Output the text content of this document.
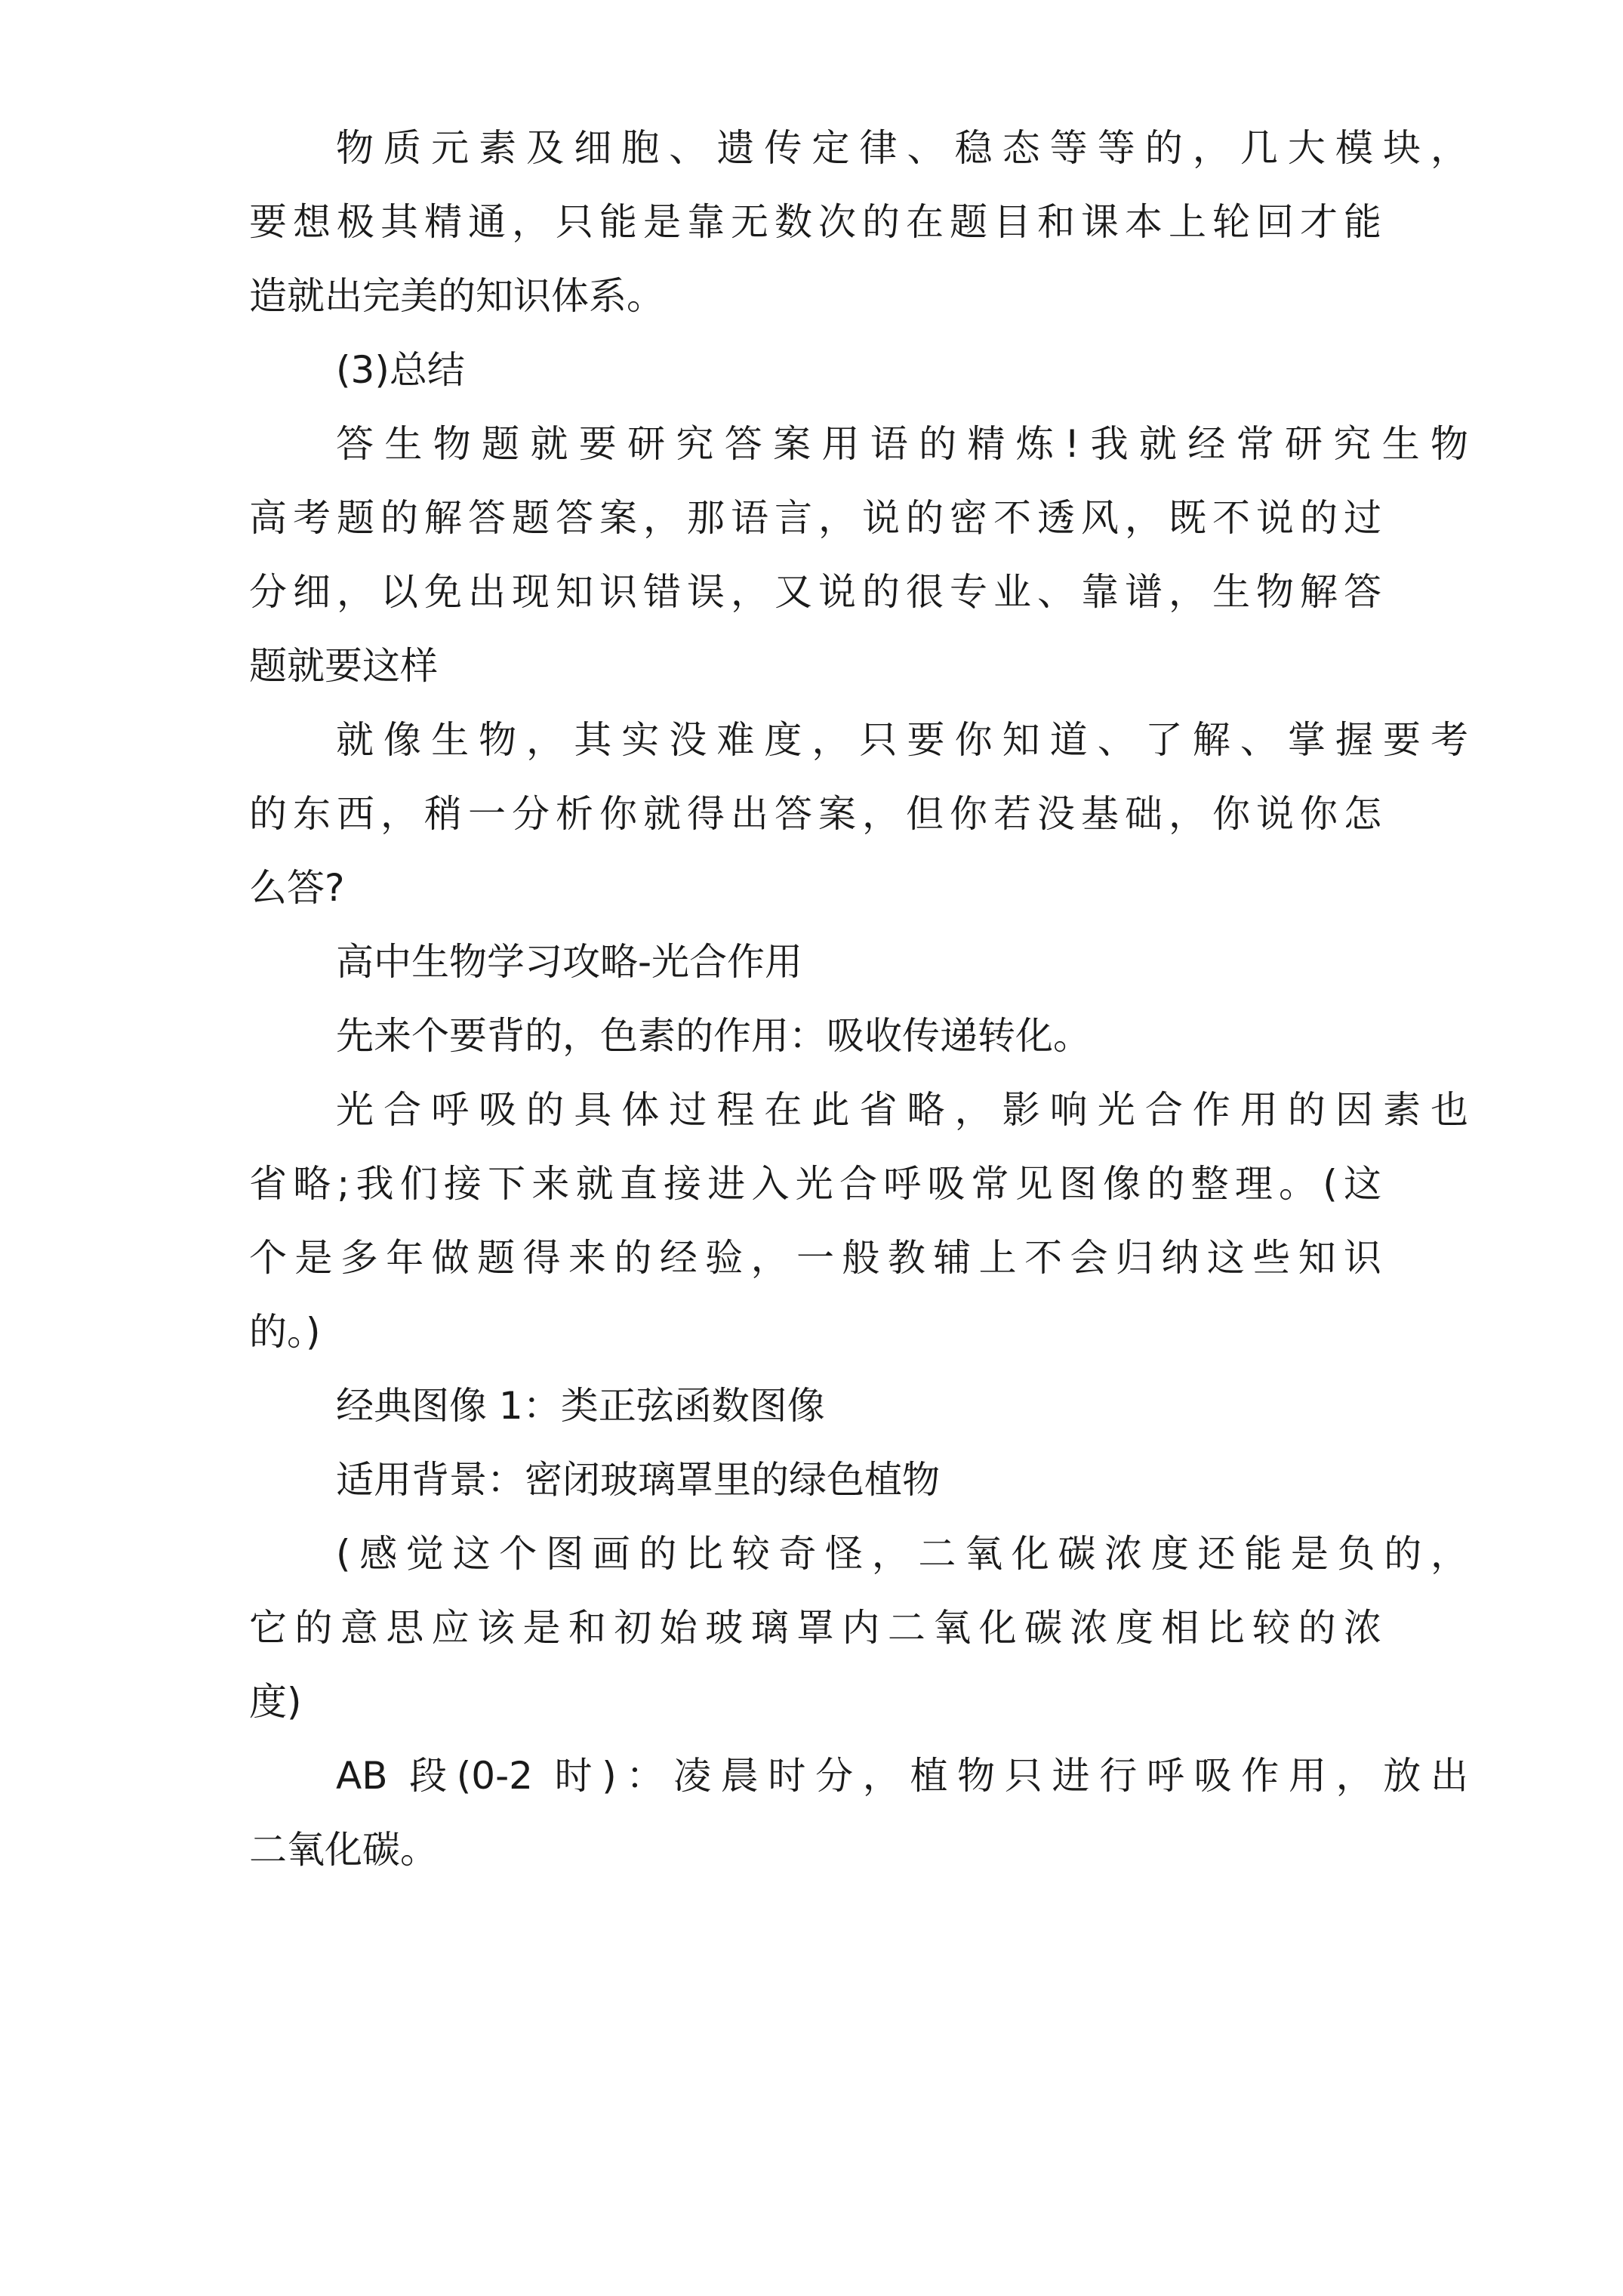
物质元素及细胞、遗传定律、稳态等等的，几大模块，

要想极其精通，只能是靠无数次的在题目和课本上轮回才能

造就出完美的知识体系。

(3)总结

答生物题就要研究答案用语的精炼!我就经常研究生物

高考题的解答题答案，那语言，说的密不透风，既不说的过

分细，以免出现知识错误，又说的很专业、靠谱，生物解答

题就要这样

就像生物，其实没难度，只要你知道、了解、掌握要考

的东西，稍一分析你就得出答案，但你若没基础，你说你怎

么答?

高中生物学习攻略-光合作用

先来个要背的，色素的作用：吸收传递转化。

光合呼吸的具体过程在此省略，影响光合作用的因素也

省略;我们接下来就直接进入光合呼吸常见图像的整理。(这

个是多年做题得来的经验，一般教辅上不会归纳这些知识

的。)

经典图像 1：类正弦函数图像

适用背景：密闭玻璃罩里的绿色植物

(感觉这个图画的比较奇怪，二氧化碳浓度还能是负的，

它的意思应该是和初始玻璃罩内二氧化碳浓度相比较的浓

度)

AB 段(0-2 时)：凌晨时分，植物只进行呼吸作用，放出

二氧化碳。
